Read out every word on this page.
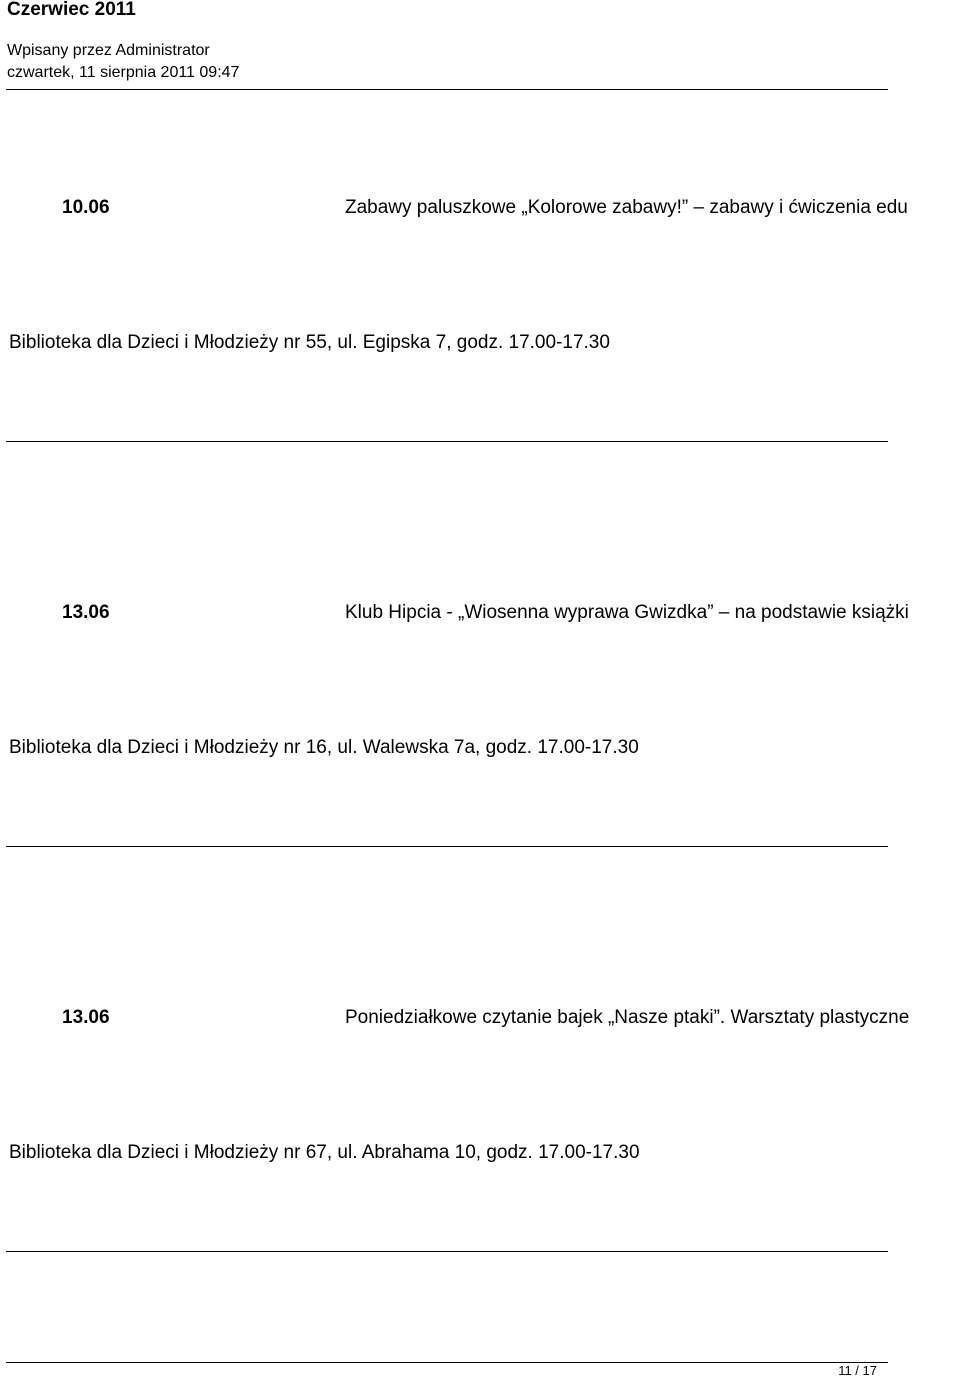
Czerwiec 2011
Wpisany przez Administrator
czwartek, 11 sierpnia 2011 09:47
10.06	Zabawy paluszkowe „Kolorowe zabawy!” – zabawy i ćwiczenia edu
Biblioteka dla Dzieci i Młodzieży nr 55, ul. Egipska 7, godz. 17.00-17.30
13.06	Klub Hipcia - „Wiosenna wyprawa Gwizdka” – na podstawie książki
Biblioteka dla Dzieci i Młodzieży nr 16, ul. Walewska 7a, godz. 17.00-17.30
13.06	Poniedziałkowe czytanie bajek „Nasze ptaki”. Warsztaty plastyczne
Biblioteka dla Dzieci i Młodzieży nr 67, ul. Abrahama 10, godz. 17.00-17.30
11 / 17
